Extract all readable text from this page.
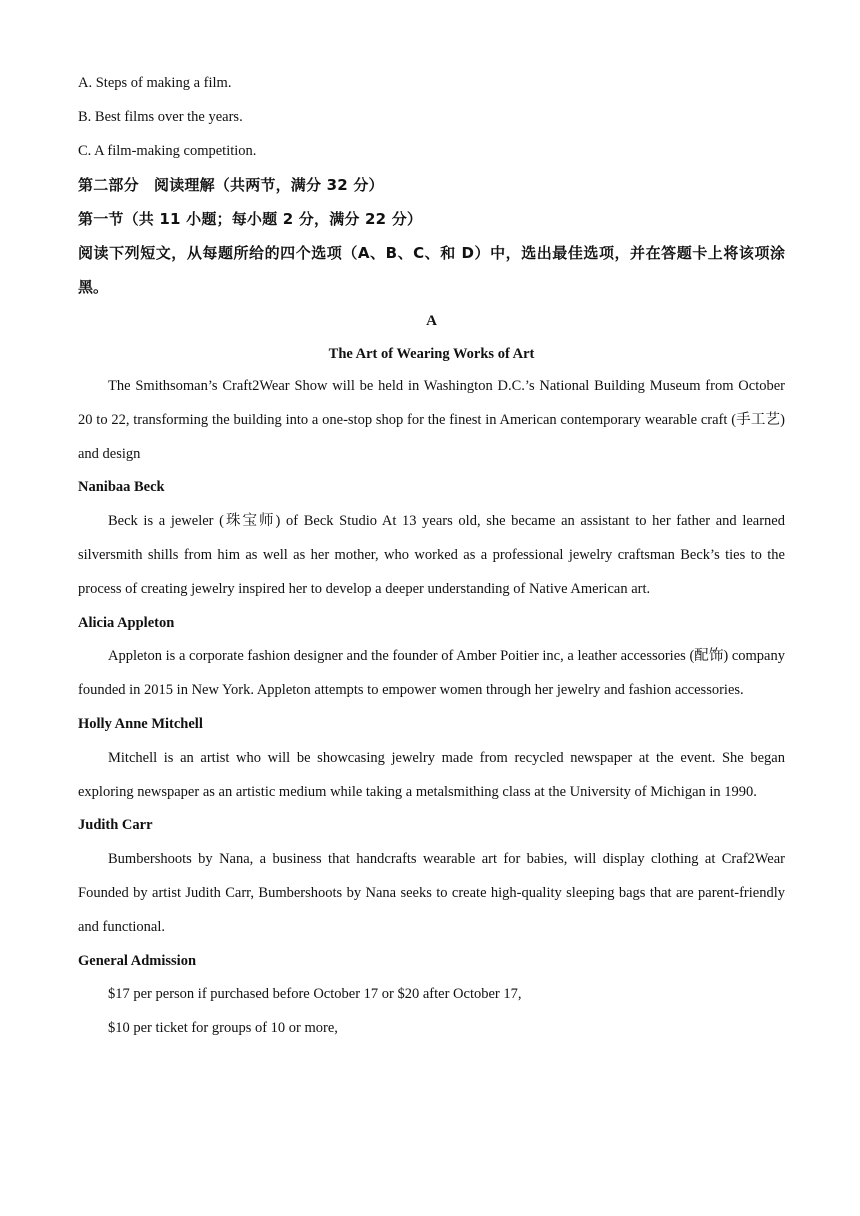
A. Steps of making a film.
B. Best films over the years.
C. A film-making competition.
第二部分　阅读理解（共两节，满分 32 分）
第一节（共 11 小题；每小题 2 分，满分 22 分）
阅读下列短文，从每题所给的四个选项（A、B、C、和 D）中，选出最佳选项，并在答题卡上将该项涂黑。
A
The Art of Wearing Works of Art

The Smithsoman’s Craft2Wear Show will be held in Washington D.C.’s National Building Museum from October 20 to 22, transforming the building into a one-stop shop for the finest in American contemporary wearable craft (手工艺) and design

Nanibaa Beck

Beck is a jeweler (珠宝师) of Beck Studio At 13 years old, she became an assistant to her father and learned silversmith shills from him as well as her mother, who worked as a professional jewelry craftsman Beck’s ties to the process of creating jewelry inspired her to develop a deeper understanding of Native American art.

Alicia Appleton

Appleton is a corporate fashion designer and the founder of Amber Poitier inc, a leather accessories (配饰) company founded in 2015 in New York. Appleton attempts to empower women through her jewelry and fashion accessories.

Holly Anne Mitchell

Mitchell is an artist who will be showcasing jewelry made from recycled newspaper at the event. She began exploring newspaper as an artistic medium while taking a metalsmithing class at the University of Michigan in 1990.

Judith Carr

Bumbershoots by Nana, a business that handcrafts wearable art for babies, will display clothing at Craf2Wear Founded by artist Judith Carr, Bumbershoots by Nana seeks to create high-quality sleeping bags that are parent-friendly and functional.

General Admission

$17 per person if purchased before October 17 or $20 after October 17,

$10 per ticket for groups of 10 or more,
